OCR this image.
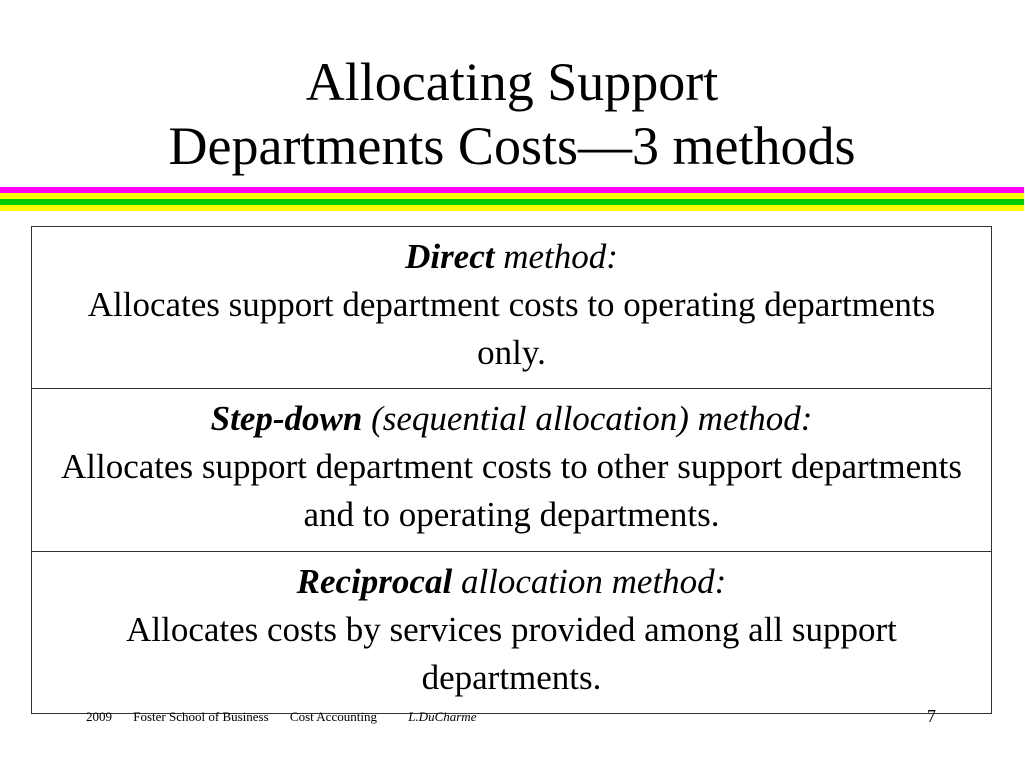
Allocating Support
Departments Costs—3 methods
Direct method:
Allocates support department costs to operating departments only.
Step-down (sequential allocation) method:
Allocates support department costs to other support departments and to operating departments.
Reciprocal allocation method:
Allocates costs by services provided among all support departments.
2009 Foster School of Business Cost Accounting L.DuCharme	7
